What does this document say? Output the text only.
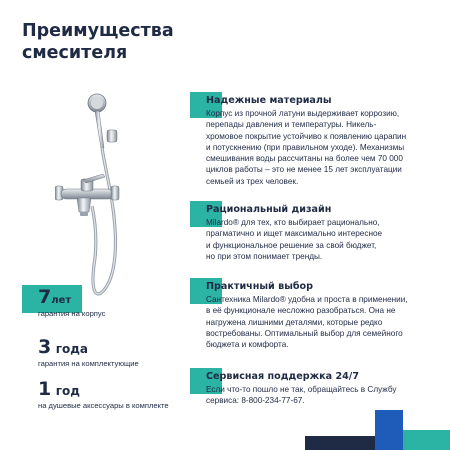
Преимущества
смесителя
7лет
гарантия на корпус
3 года
гарантия на комплектующие
1 год
на душевые аксессуары в комплекте
Надежные материалы
Корпус из прочной латуни выдерживает коррозию,
перепады давления и температуры. Никель-
хромовое покрытие устойчиво к появлению царапин
и потускнению (при правильном уходе). Механизмы
смешивания воды рассчитаны на более чем 70 000
циклов работы – это не менее 15 лет эксплуатации
семьей из трех человек.
Рациональный дизайн
Milardo® для тех, кто выбирает рационально,
прагматично и ищет максимально интересное
и функциональное решение за свой бюджет,
но при этом понимает тренды.
Практичный выбор
Сантехника Milardo® удобна и проста в применении,
в её функционале несложно разобраться. Она не
нагружена лишними деталями, которые редко
востребованы. Оптимальный выбор для семейного
бюджета и комфорта.
Сервисная поддержка 24/7
Если что-то пошло не так, обращайтесь в Службу
сервиса: 8-800-234-77-67.
